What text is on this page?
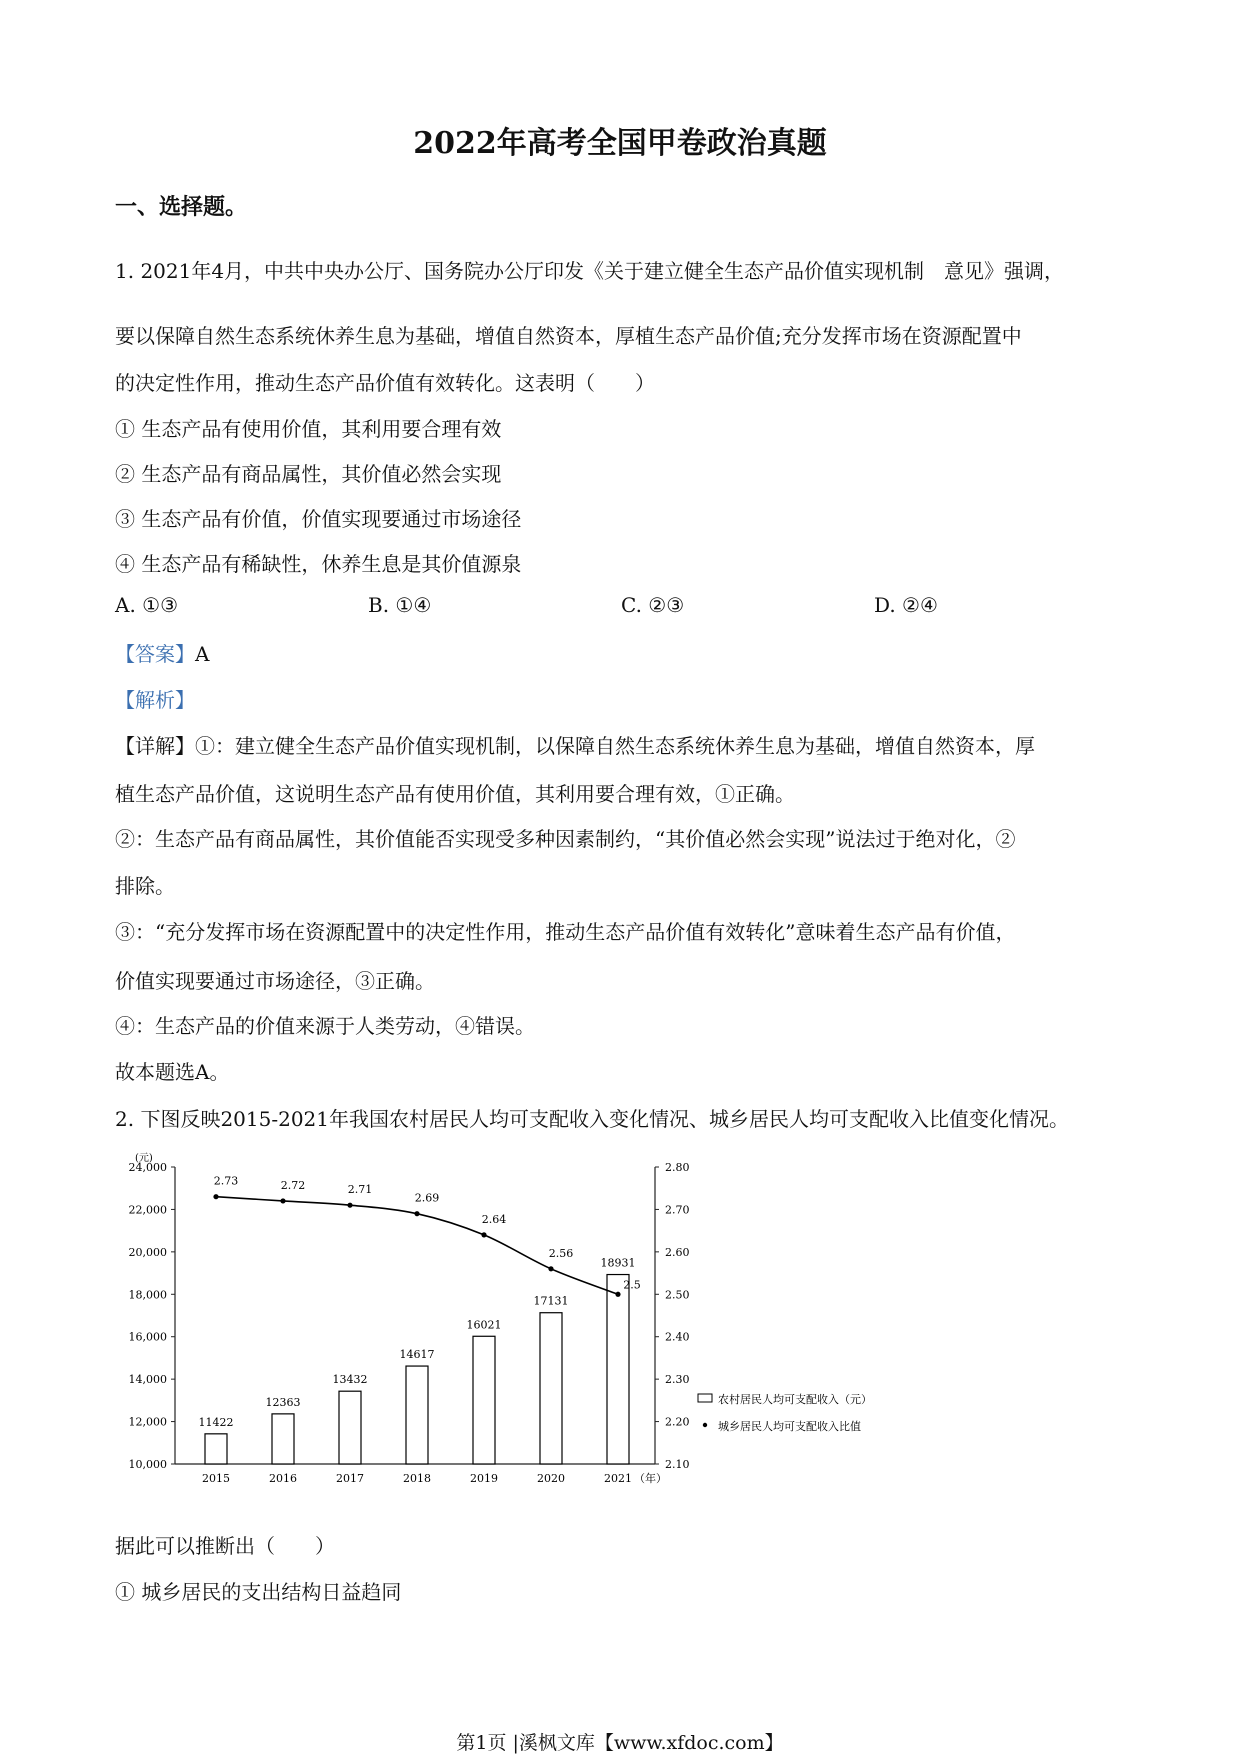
2022年高考全国甲卷政治真题
一、选择题。
1. 2021年4月，中共中央办公厅、国务院办公厅印发《关于建立健全生态产品价值实现机制　意见》强调，
要以保障自然生态系统休养生息为基础，增值自然资本，厚植生态产品价值;充分发挥市场在资源配置中
的决定性作用，推动生态产品价值有效转化。这表明（　　）
① 生态产品有使用价值，其利用要合理有效
② 生态产品有商品属性，其价值必然会实现
③ 生态产品有价值，价值实现要通过市场途径
④ 生态产品有稀缺性，休养生息是其价值源泉
A. ①③	B. ①④	C. ②③	D. ②④
【答案】A
【解析】
【详解】①：建立健全生态产品价值实现机制，以保障自然生态系统休养生息为基础，增值自然资本，厚
植生态产品价值，这说明生态产品有使用价值，其利用要合理有效，①正确。
②：生态产品有商品属性，其价值能否实现受多种因素制约，“其价值必然会实现”说法过于绝对化，②
排除。
③：“充分发挥市场在资源配置中的决定性作用，推动生态产品价值有效转化”意味着生态产品有价值，
价值实现要通过市场途径，③正确。
④：生态产品的价值来源于人类劳动，④错误。
故本题选A。
2. 下图反映2015-2021年我国农村居民人均可支配收入变化情况、城乡居民人均可支配收入比值变化情况。
10,000
12,000
14,000
16,000
18,000
20,000
22,000
24,000
(元)
2.10
2.20
2.30
2.40
2.50
2.60
2.70
2.80
11422
12363
13432
14617
16021
17131
18931
2015	2016	2017	2018	2019	2020	2021 （年）
2.73	2.72	2.71
2.69
2.64
2.56
2.5
农村居民人均可支配收入（元）
城乡居民人均可支配收入比值
据此可以推断出（　　）
① 城乡居民的支出结构日益趋同
第1页 |溪枫文库【www.xfdoc.com】
